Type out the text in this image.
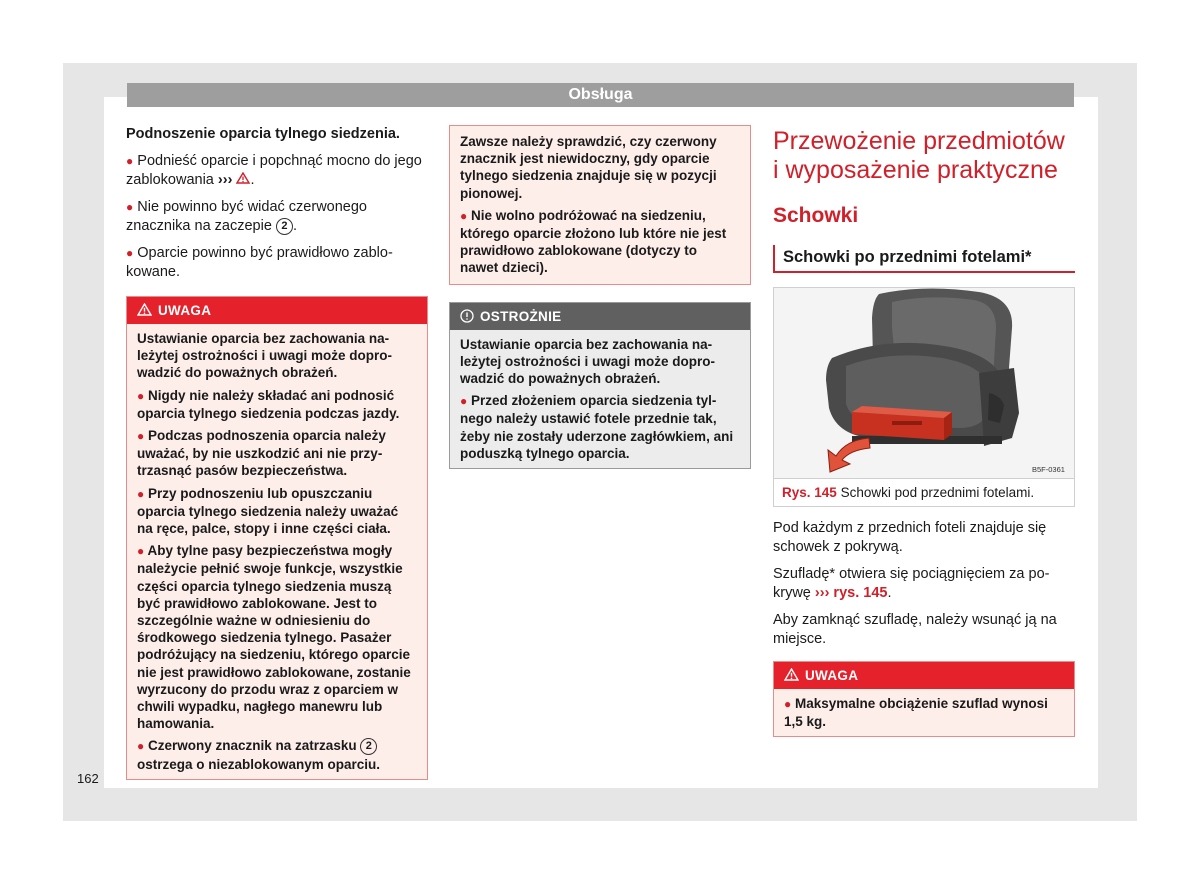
Obsługa

Podnoszenie oparcia tylnego siedzenia.

● Podnieść oparcie i popchnąć mocno do jego zablokowania ››› .

● Nie powinno być widać czerwonego znacznika na zaczepie 2 .

● Oparcie powinno być prawidłowo zablokowane.

UWAGA

Ustawianie oparcia bez zachowania należytej ostrożności i uwagi może doprowadzić do poważnych obrażeń.

● Nigdy nie należy składać ani podnosić oparcia tylnego siedzenia podczas jazdy.

● Podczas podnoszenia oparcia należy uważać, by nie uszkodzić ani nie przytrzasnąć pasów bezpieczeństwa.

● Przy podnoszeniu lub opuszczaniu oparcia tylnego siedzenia należy uważać na ręce, palce, stopy i inne części ciała.

● Aby tylne pasy bezpieczeństwa mogły należycie pełnić swoje funkcje, wszystkie części oparcia tylnego siedzenia muszą być prawidłowo zablokowane. Jest to szczególnie ważne w odniesieniu do środkowego siedzenia tylnego. Pasażer podróżujący na siedzeniu, którego oparcie nie jest prawidłowo zablokowane, zostanie wyrzucony do przodu wraz z oparciem w chwili wypadku, nagłego manewru lub hamowania.

● Czerwony znacznik na zatrzasku 2 ostrzega o niezablokowanym oparciu.

Zawsze należy sprawdzić, czy czerwony znacznik jest niewidoczny, gdy oparcie tylnego siedzenia znajduje się w pozycji pionowej.

● Nie wolno podróżować na siedzeniu, którego oparcie złożono lub które nie jest prawidłowo zablokowane (dotyczy to nawet dzieci).

OSTROŻNIE

Ustawianie oparcia bez zachowania należytej ostrożności i uwagi może doprowadzić do poważnych obrażeń.

● Przed złożeniem oparcia siedzenia tylnego należy ustawić fotele przednie tak, żeby nie zostały uderzone zagłówkiem, ani poduszką tylnego oparcia.

Przewożenie przedmiotów i wyposażenie praktyczne
Schowki
Schowki po przednimi fotelami*
B5F-0361
Rys. 145 Schowki pod przednimi fotelami.

Pod każdym z przednich foteli znajduje się schowek z pokrywą.

Szufladę* otwiera się pociągnięciem za pokrywę ››› rys. 145.

Aby zamknąć szufladę, należy wsunąć ją na miejsce.

UWAGA

● Maksymalne obciążenie szuflad wynosi 1,5 kg.

162
